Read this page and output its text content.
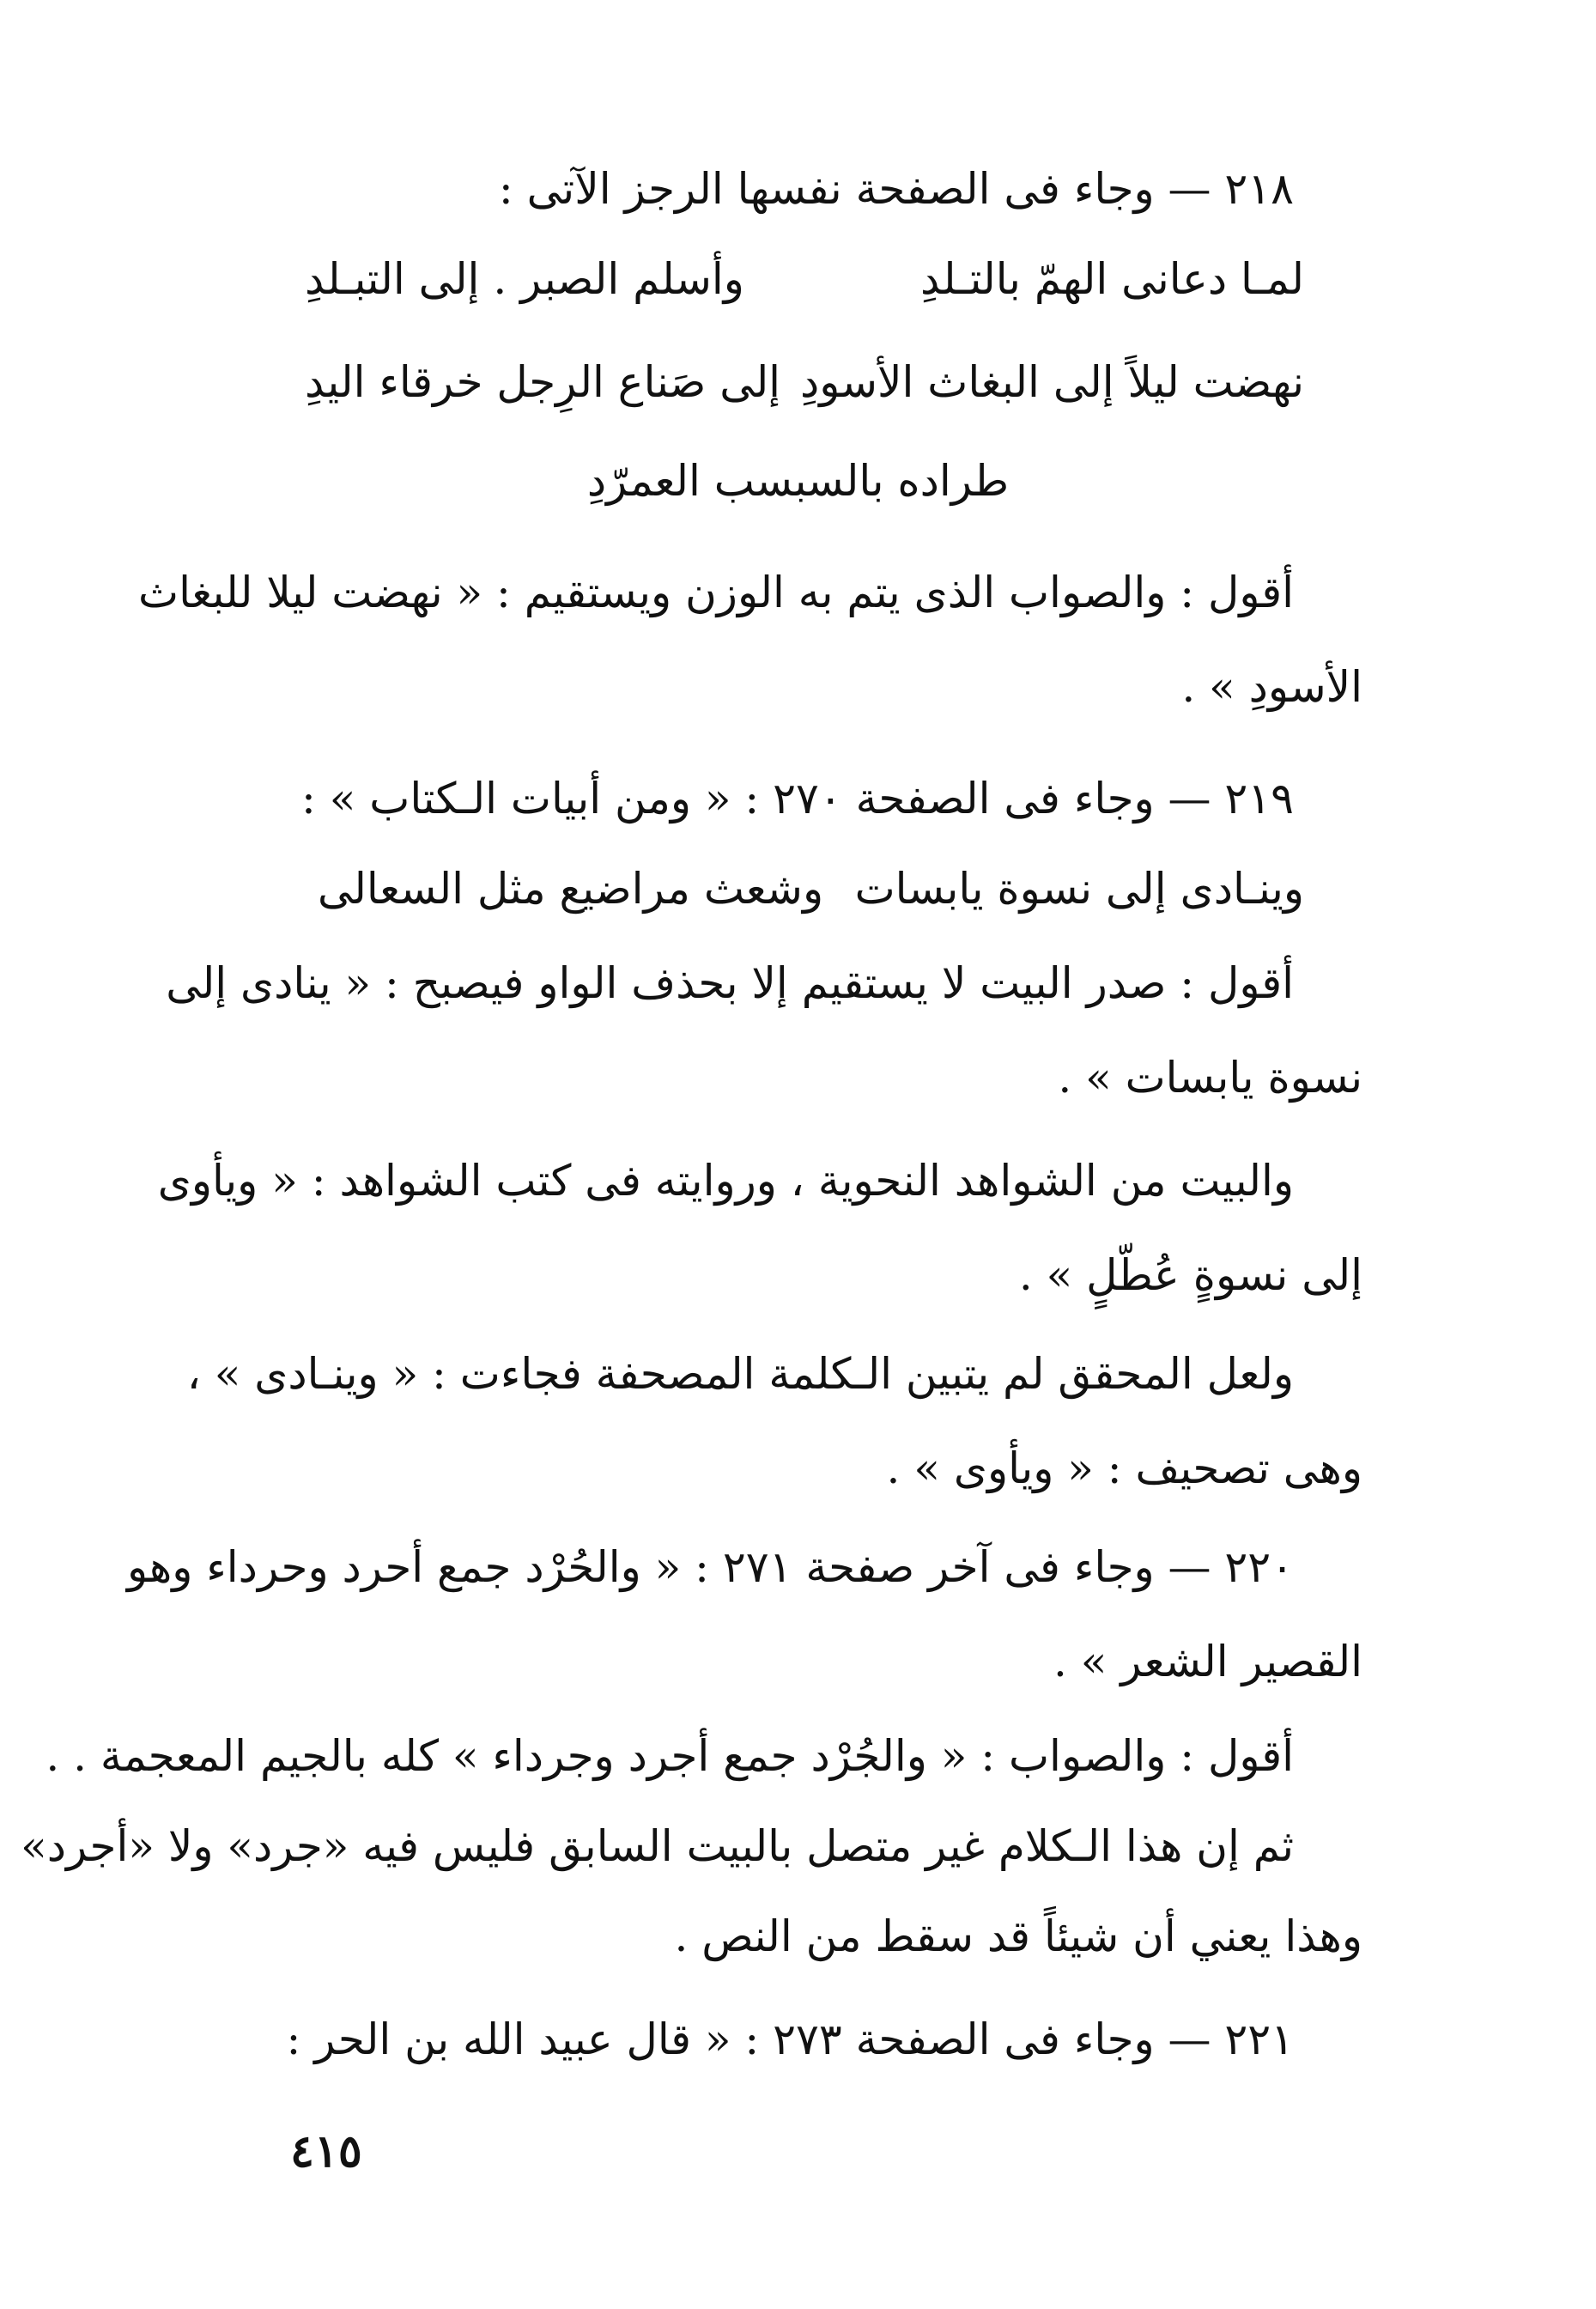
٢١٨ — وجاء فى الصفحة نفسها الرجز الآتى :
لمـا دعانى الهمّ بالتـلدِ
وأسلم الصبر . إلى التبـلدِ
نهضت ليلاً إلى البغاث الأسودِ
إلى صَناع الرِجل خرقاء اليدِ
طراده بالسبسب العمرّدِ
أقول : والصواب الذى يتم به الوزن ويستقيم : « نهضت ليلا للبغاث
الأسودِ » .
٢١٩ — وجاء فى الصفحة ٢٧٠ : « ومن أبيات الـكتاب » :
وينـادى إلى نسوة يابسات
وشعث مراضيع مثل السعالى
أقول : صدر البيت لا يستقيم إلا بحذف الواو فيصبح : « ينادى إلى
نسوة يابسات » .
والبيت من الشواهد النحوية ، وروايته فى كتب الشواهد : « ويأوى
إلى نسوةٍ عُطّلٍ » .
ولعل المحقق لم يتبين الـكلمة المصحفة فجاءت : « وينـادى » ،
وهى تصحيف : « ويأوى » .
٢٢٠ — وجاء فى آخر صفحة ٢٧١ : « والحُرْد جمع أحرد وحرداء وهو
القصير الشعر » .
أقول : والصواب : « والجُرْد جمع أجرد وجرداء » كله بالجيم المعجمة . .
ثم إن هذا الـكلام غير متصل بالبيت السابق فليس فيه «جرد» ولا «أجرد»
وهذا يعني أن شيئاً قد سقط من النص .
٢٢١ — وجاء فى الصفحة ٢٧٣ : « قال عبيد الله بن الحر :
٤١٥
